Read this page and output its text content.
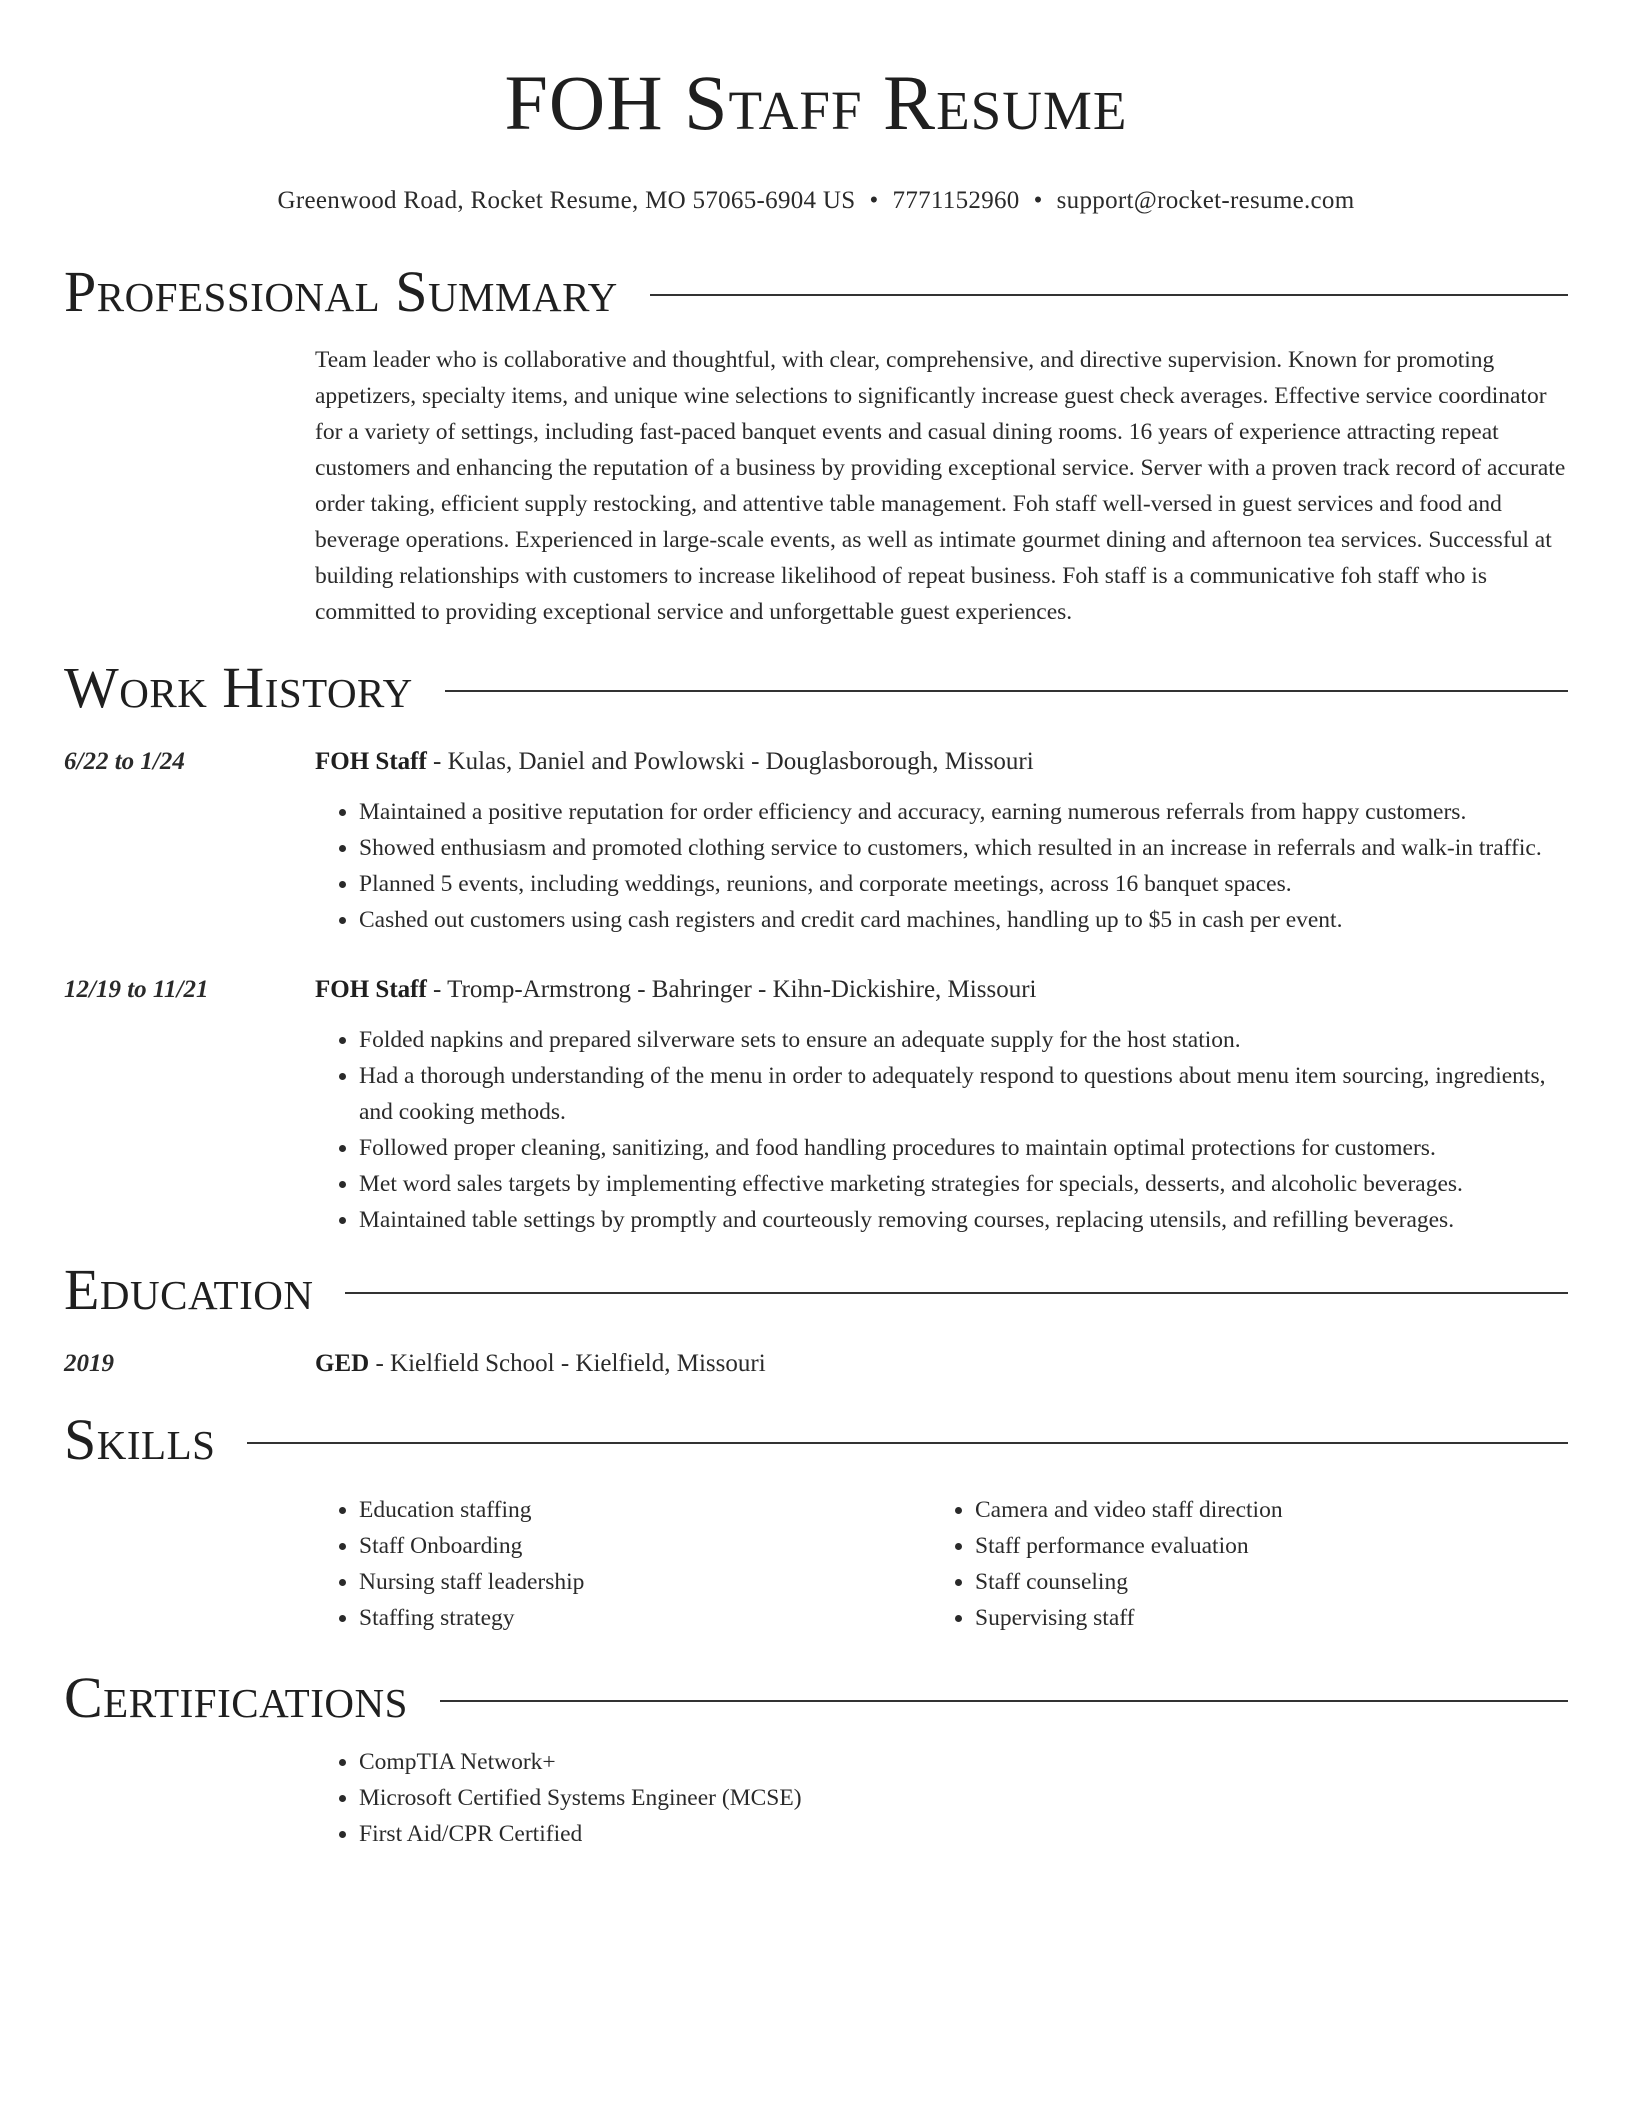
FOH Staff Resume
Greenwood Road, Rocket Resume, MO 57065-6904 US • 7771152960 • support@rocket-resume.com
Professional Summary
Team leader who is collaborative and thoughtful, with clear, comprehensive, and directive supervision. Known for promoting appetizers, specialty items, and unique wine selections to significantly increase guest check averages. Effective service coordinator for a variety of settings, including fast-paced banquet events and casual dining rooms. 16 years of experience attracting repeat customers and enhancing the reputation of a business by providing exceptional service. Server with a proven track record of accurate order taking, efficient supply restocking, and attentive table management. Foh staff well-versed in guest services and food and beverage operations. Experienced in large-scale events, as well as intimate gourmet dining and afternoon tea services. Successful at building relationships with customers to increase likelihood of repeat business. Foh staff is a communicative foh staff who is committed to providing exceptional service and unforgettable guest experiences.
Work History
6/22 to 1/24	FOH Staff - Kulas, Daniel and Powlowski - Douglasborough, Missouri
• Maintained a positive reputation for order efficiency and accuracy, earning numerous referrals from happy customers.
• Showed enthusiasm and promoted clothing service to customers, which resulted in an increase in referrals and walk-in traffic.
• Planned 5 events, including weddings, reunions, and corporate meetings, across 16 banquet spaces.
• Cashed out customers using cash registers and credit card machines, handling up to $5 in cash per event.
12/19 to 11/21	FOH Staff - Tromp-Armstrong - Bahringer - Kihn-Dickishire, Missouri
• Folded napkins and prepared silverware sets to ensure an adequate supply for the host station.
• Had a thorough understanding of the menu in order to adequately respond to questions about menu item sourcing, ingredients, and cooking methods.
• Followed proper cleaning, sanitizing, and food handling procedures to maintain optimal protections for customers.
• Met word sales targets by implementing effective marketing strategies for specials, desserts, and alcoholic beverages.
• Maintained table settings by promptly and courteously removing courses, replacing utensils, and refilling beverages.
Education
2019	GED - Kielfield School - Kielfield, Missouri
Skills
• Education staffing
• Staff Onboarding
• Nursing staff leadership
• Staffing strategy
• Camera and video staff direction
• Staff performance evaluation
• Staff counseling
• Supervising staff
Certifications
• CompTIA Network+
• Microsoft Certified Systems Engineer (MCSE)
• First Aid/CPR Certified
